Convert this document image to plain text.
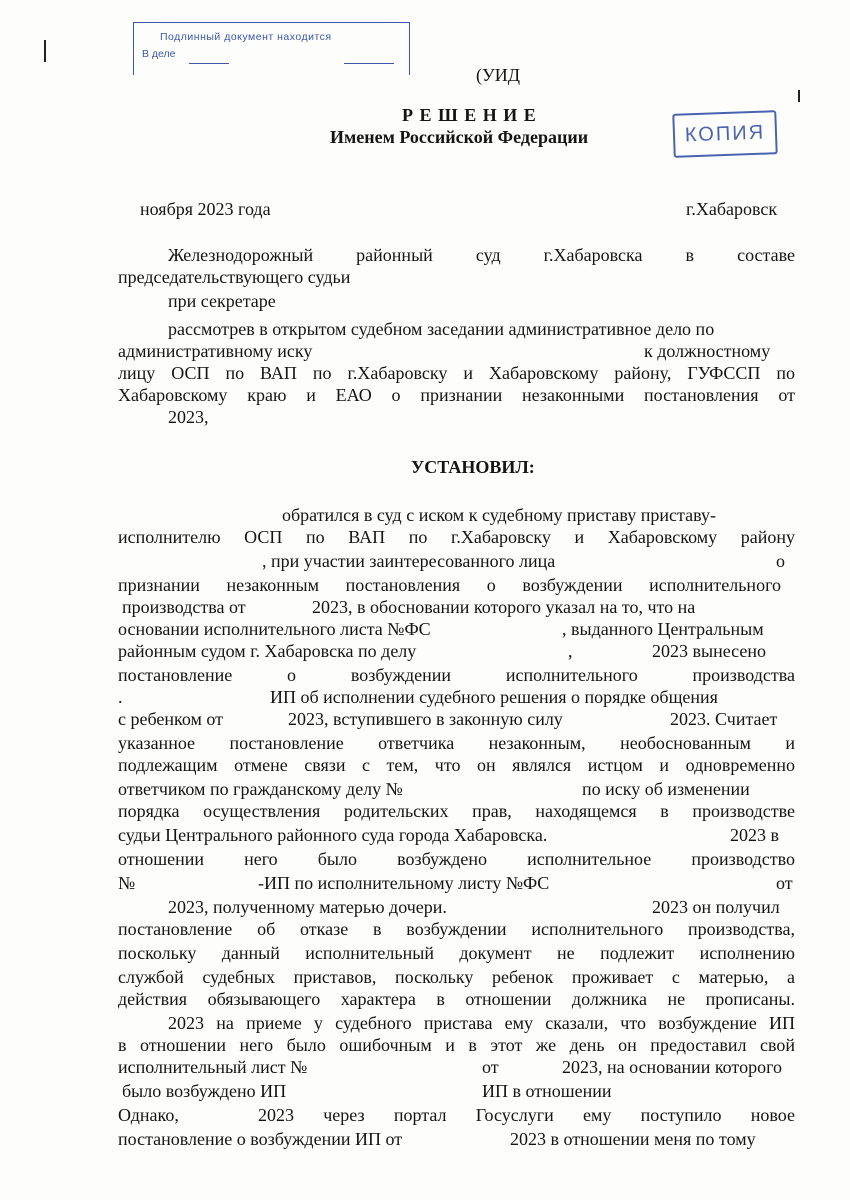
Подлинный документ находится
В деле
КОПИЯ
(УИД
Р Е Ш Е Н И Е
Именем Российской Федерации
ноября 2023 года	г.Хабаровск
Железнодорожный районный суд г.Хабаровска в составе
председательствующего судьи
при секретаре
рассмотрев в открытом судебном заседании административное дело по
административному иску	к должностному
лицу ОСП по ВАП по г.Хабаровску и Хабаровскому району, ГУФССП по
Хабаровскому краю и ЕАО о признании незаконными постановления от
2023,
УСТАНОВИЛ:
обратился в суд с иском к судебному приставу приставу-
исполнителю ОСП по ВАП по г.Хабаровску и Хабаровскому району
, при участии заинтересованного лица	о
признании незаконным постановления о возбуждении исполнительного
производства от	2023, в обосновании которого указал на то, что на
основании исполнительного листа №ФС	, выданного Центральным
районным судом г. Хабаровска по делу	,	2023 вынесено
постановление о возбуждении исполнительного производства
.	ИП об исполнении судебного решения о порядке общения
с ребенком от	2023, вступившего в законную силу	2023. Считает
указанное постановление ответчика незаконным, необоснованным и
подлежащим отмене связи с тем, что он являлся истцом и одновременно
ответчиком по гражданскому делу №	по иску об изменении
порядка осуществления родительских прав, находящемся в производстве
судьи Центрального районного суда города Хабаровска.	2023 в
отношении него было возбуждено исполнительное производство
№	-ИП по исполнительному листу №ФС	от
2023, полученному матерью дочери.	2023 он получил
постановление об отказе в возбуждении исполнительного производства,
поскольку данный исполнительный документ не подлежит исполнению
службой судебных приставов, поскольку ребенок проживает с матерью, а
действия обязывающего характера в отношении должника не прописаны.
2023 на приеме у судебного пристава ему сказали, что возбуждение ИП
в отношении него было ошибочным и в этот же день он предоставил свой
исполнительный лист №	от	2023, на основании которого
было возбуждено ИП	ИП в отношении
Однако,	2023 через портал Госуслуги ему поступило новое
постановление о возбуждении ИП от	2023 в отношении меня по тому
